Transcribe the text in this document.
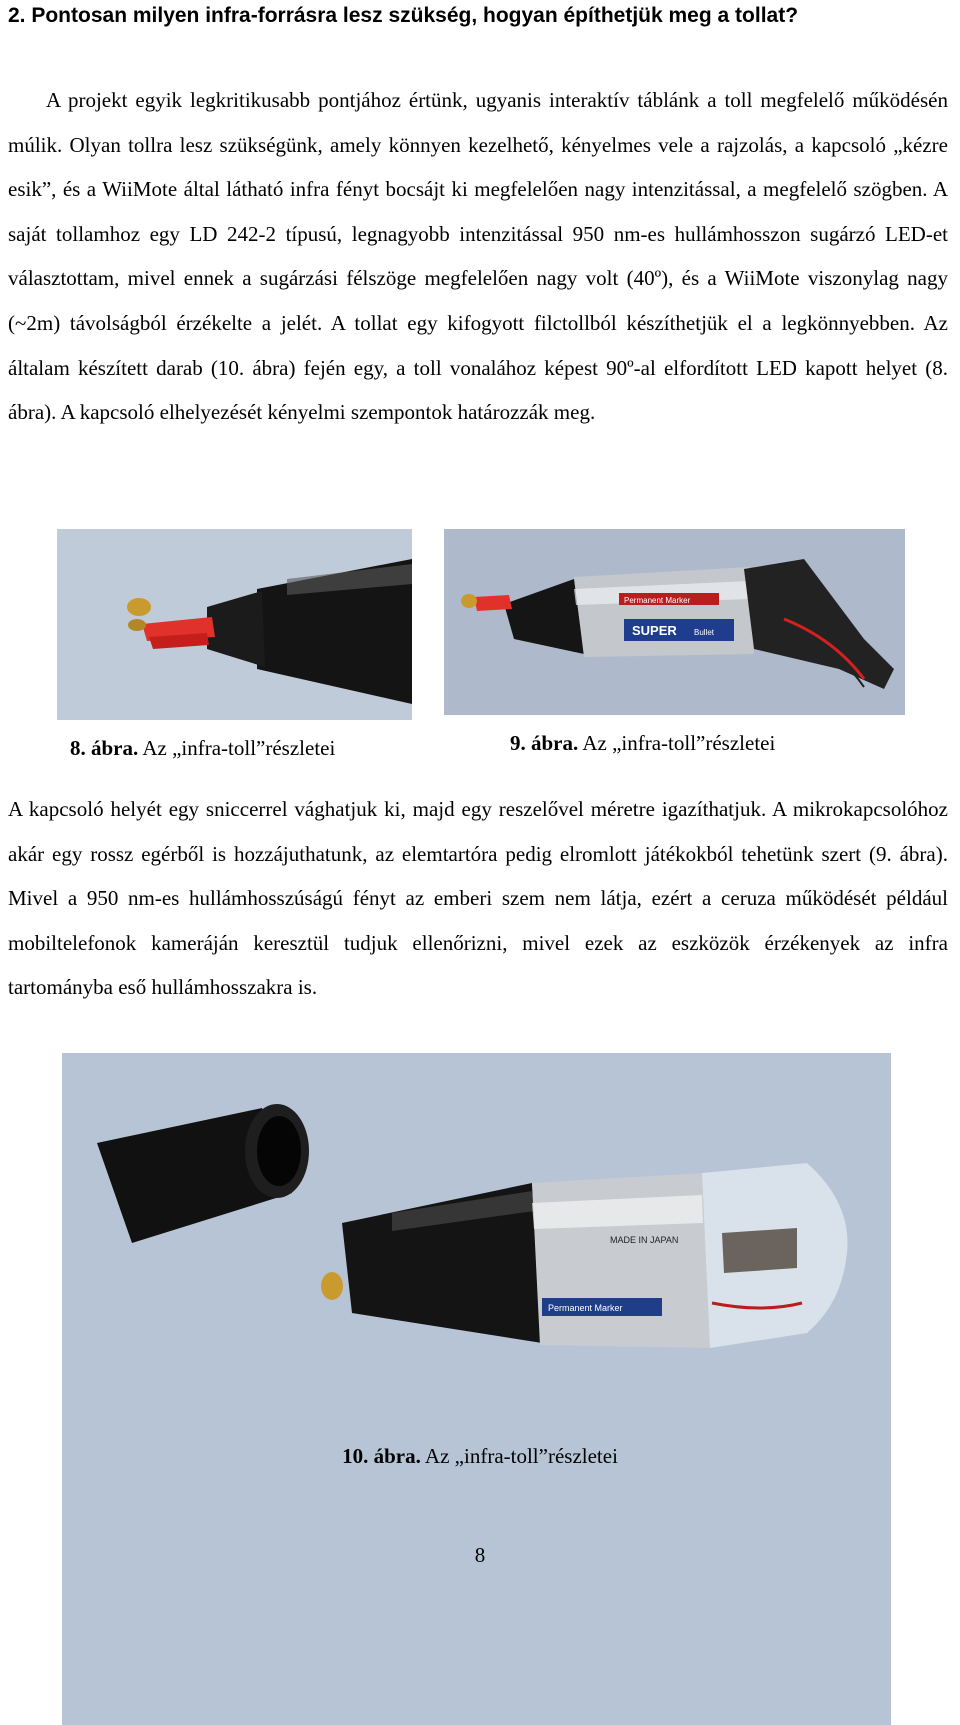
2. Pontosan milyen infra-forrásra lesz szükség, hogyan építhetjük meg a tollat?

A projekt egyik legkritikusabb pontjához értünk, ugyanis interaktív táblánk a toll megfelelő működésén múlik. Olyan tollra lesz szükségünk, amely könnyen kezelhető, kényelmes vele a rajzolás, a kapcsoló „kézre esik”, és a WiiMote által látható infra fényt bocsájt ki megfelelően nagy intenzitással, a megfelelő szögben. A saját tollamhoz egy LD 242-2 típusú, legnagyobb intenzitással 950 nm-es hullámhosszon sugárzó LED-et választottam, mivel ennek a sugárzási félszöge megfelelően nagy volt (40º), és a WiiMote viszonylag nagy (~2m) távolságból érzékelte a jelét. A tollat egy kifogyott filctollból készíthetjük el a legkönnyebben. Az általam készített darab (10. ábra) fején egy, a toll vonalához képest 90º-al elfordított LED kapott helyet (8. ábra). A kapcsoló elhelyezését kényelmi szempontok határozzák meg.

SUPER
Permanent Marker
Bullet

8. ábra. Az „infra-toll”részletei	9. ábra. Az „infra-toll”részletei

A kapcsoló helyét egy sniccerrel vághatjuk ki, majd egy reszelővel méretre igazíthatjuk. A mikrokapcsolóhoz akár egy rossz egérből is hozzájuthatunk, az elemtartóra pedig elromlott játékokból tehetünk szert (9. ábra). Mivel a 950 nm-es hullámhosszúságú fényt az emberi szem nem látja, ezért a ceruza működését például mobiltelefonok kameráján keresztül tudjuk ellenőrizni, mivel ezek az eszközök érzékenyek az infra tartományba eső hullámhosszakra is.

MADE IN JAPAN
Permanent Marker

10. ábra. Az „infra-toll”részletei

8
